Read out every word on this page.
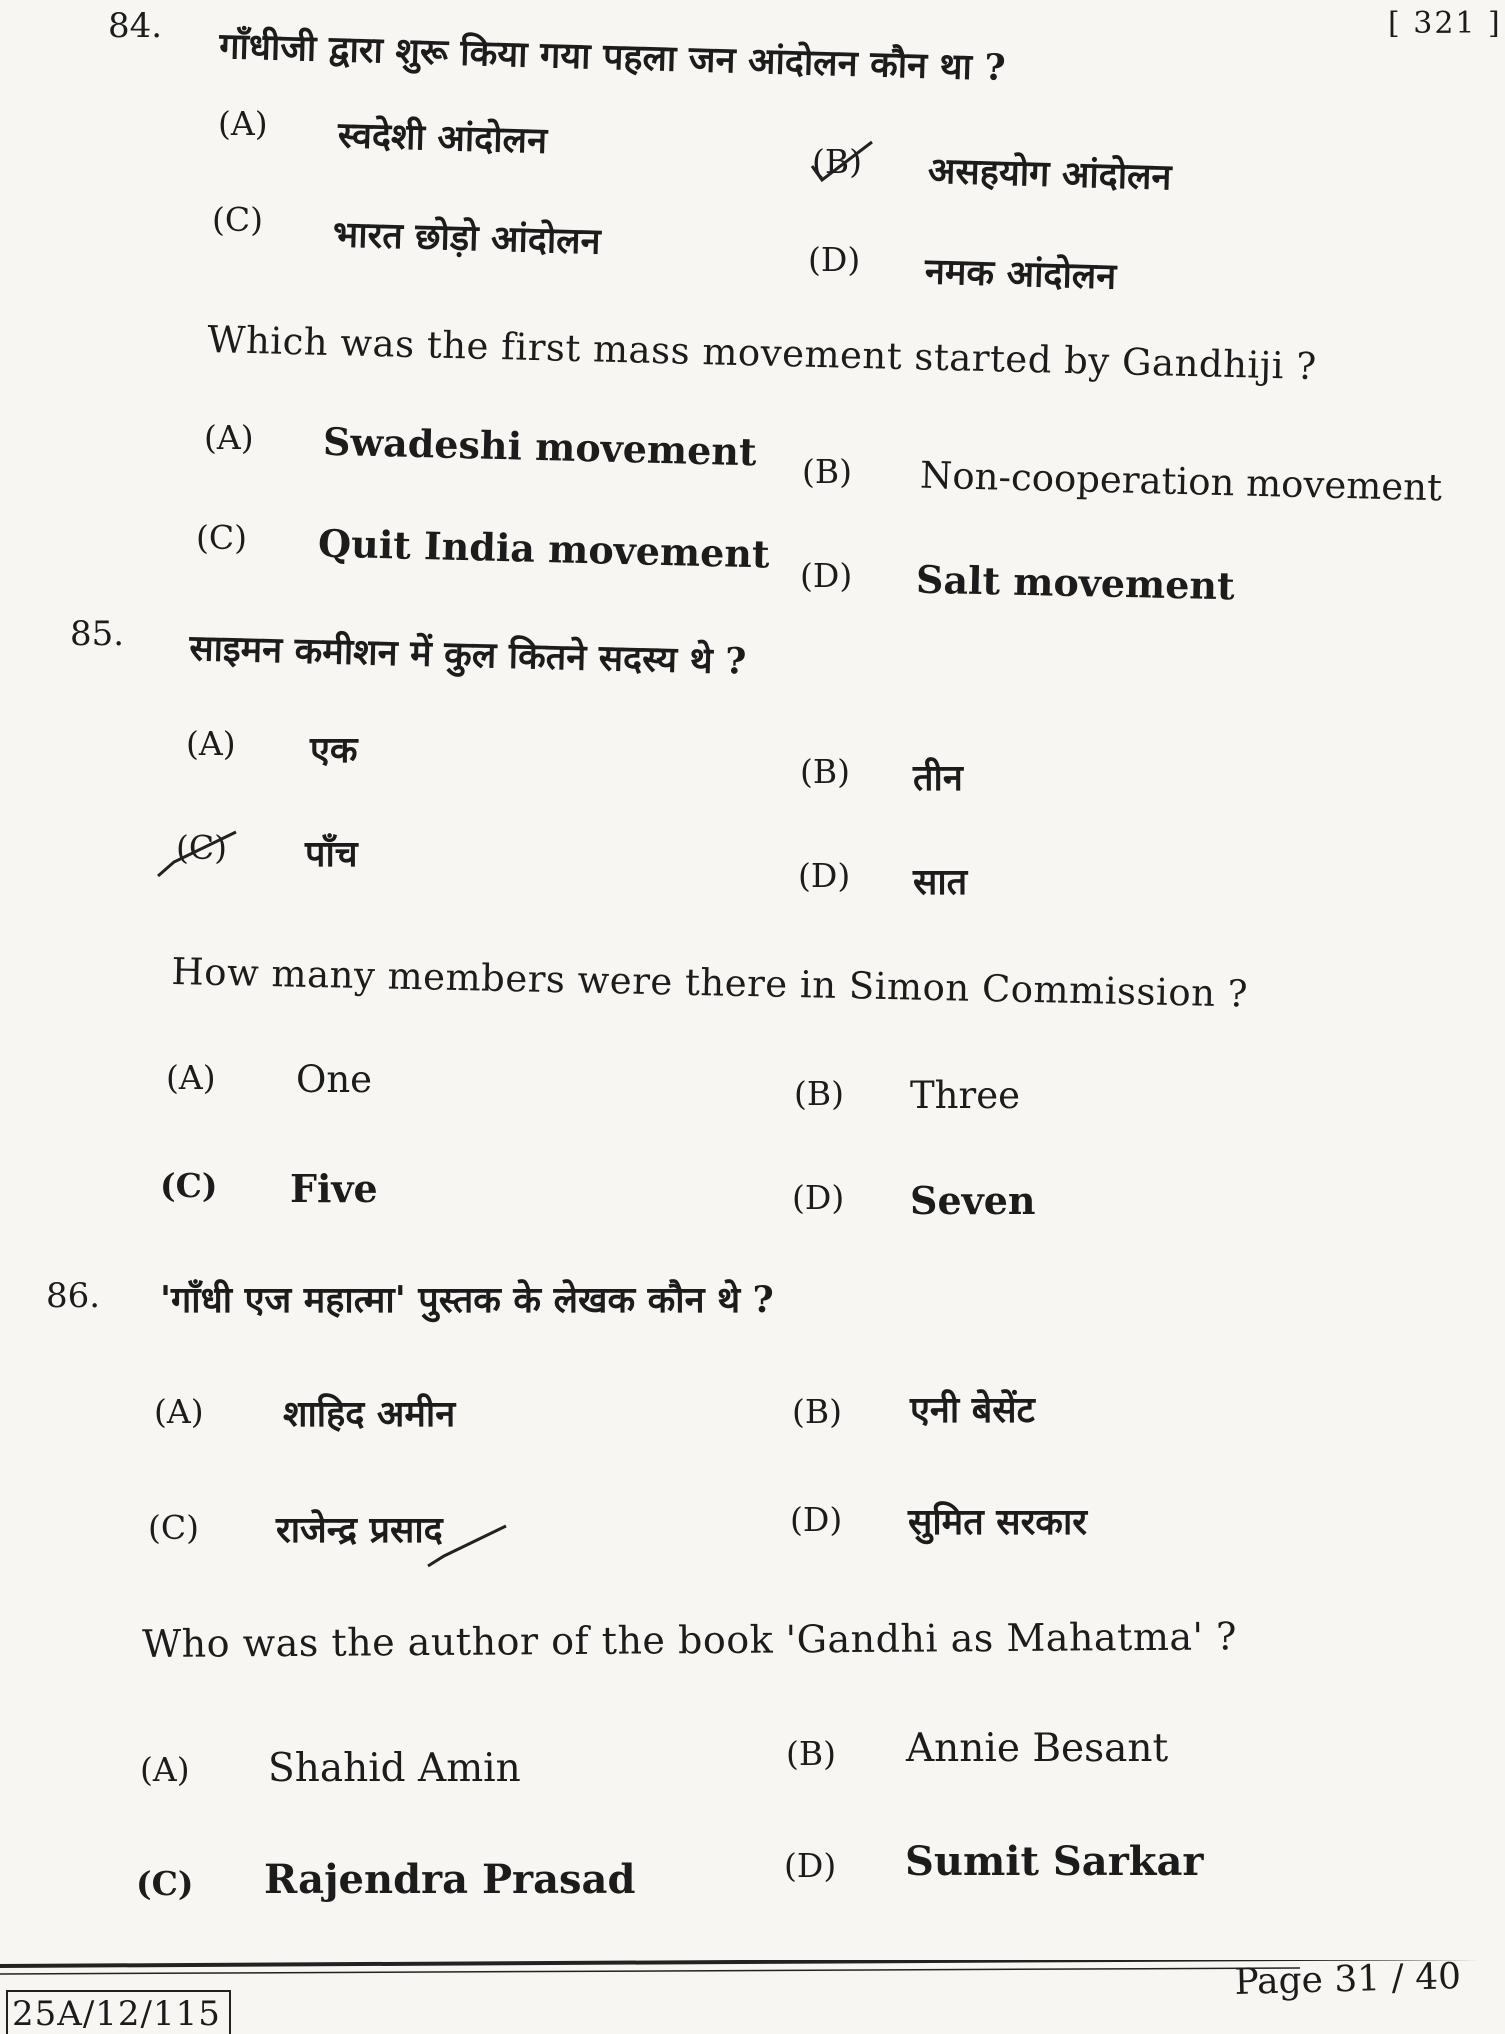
[ 321 ]
84. गाँधीजी द्वारा शुरू किया गया पहला जन आंदोलन कौन था ?
(A) स्वदेशी आंदोलन	(B) असहयोग आंदोलन
(C) भारत छोड़ो आंदोलन	(D) नमक आंदोलन
Which was the first mass movement started by Gandhiji ?
(A) Swadeshi movement (B) Non-cooperation movement
(C) Quit India movement (D) Salt movement
85. साइमन कमीशन में कुल कितने सदस्य थे ?
(A) एक
(B) तीन
(C) पाँच
(D) सात
How many members were there in Simon Commission ?
(A) One	(B) Three
(C) Five	(D) Seven
86. 'गाँधी एज महात्मा' पुस्तक के लेखक कौन थे ?
(A) शाहिद अमीन	(B) एनी बेसेंट
(C) राजेन्द्र प्रसाद	(D) सुमित सरकार
Who was the author of the book 'Gandhi as Mahatma' ?
(A) Shahid Amin	(B) Annie Besant
(C) Rajendra Prasad	(D) Sumit Sarkar
25A/12/115
Page 31 / 40
